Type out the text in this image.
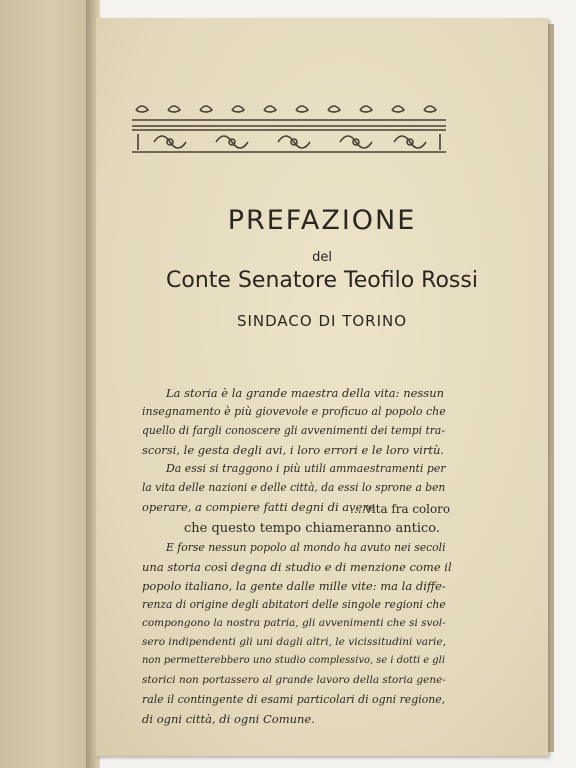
PREFAZIONE
del
Conte Senatore Teofilo Rossi
SINDACO DI TORINO
La storia è la grande maestra della vita: nessun
insegnamento è più giovevole e proficuo al popolo che
quello di fargli conoscere gli avvenimenti dei tempi tra-
scorsi, le gesta degli avi, i loro errori e le loro virtù.
Da essi si traggono i più utili ammaestramenti per
la vita delle nazioni e delle città, da essi lo sprone a ben
operare, a compiere fatti degni di avere
....vita fra coloro
che questo tempo chiameranno antico.
E forse nessun popolo al mondo ha avuto nei secoli
una storia così degna di studio e di menzione come il
popolo italiano, la gente dalle mille vite: ma la diffe-
renza di origine degli abitatori delle singole regioni che
compongono la nostra patria, gli avvenimenti che si svol-
sero indipendenti gli uni dagli altri, le vicissitudini varie,
non permetterebbero uno studio complessivo, se i dotti e gli
storici non portassero al grande lavoro della storia gene-
rale il contingente di esami particolari di ogni regione,
di ogni città, di ogni Comune.
